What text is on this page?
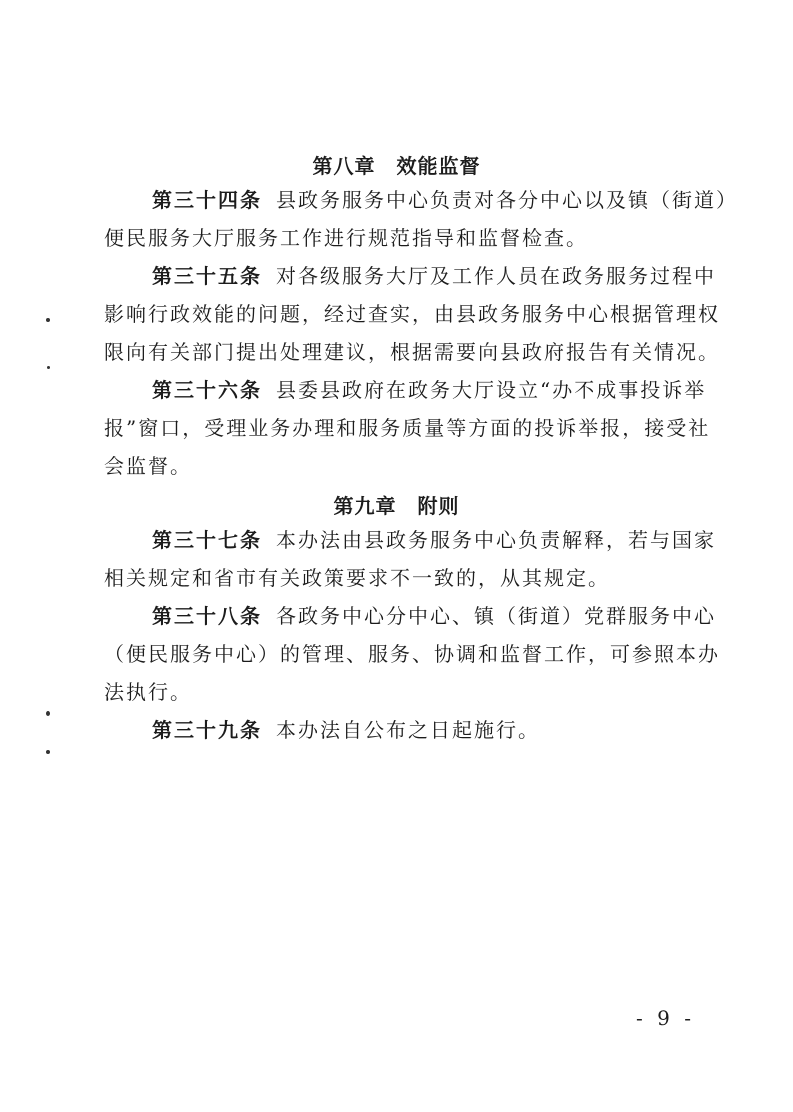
第八章　效能监督
第三十四条 县政务服务中心负责对各分中心以及镇（街道）
便民服务大厅服务工作进行规范指导和监督检查。
第三十五条 对各级服务大厅及工作人员在政务服务过程中
影响行政效能的问题，经过查实，由县政务服务中心根据管理权
限向有关部门提出处理建议，根据需要向县政府报告有关情况。
第三十六条 县委县政府在政务大厅设立“办不成事投诉举
报”窗口，受理业务办理和服务质量等方面的投诉举报，接受社
会监督。
第九章　附则
第三十七条 本办法由县政务服务中心负责解释，若与国家
相关规定和省市有关政策要求不一致的，从其规定。
第三十八条 各政务中心分中心、镇（街道）党群服务中心
（便民服务中心）的管理、服务、协调和监督工作，可参照本办
法执行。
第三十九条 本办法自公布之日起施行。
- 9 -
